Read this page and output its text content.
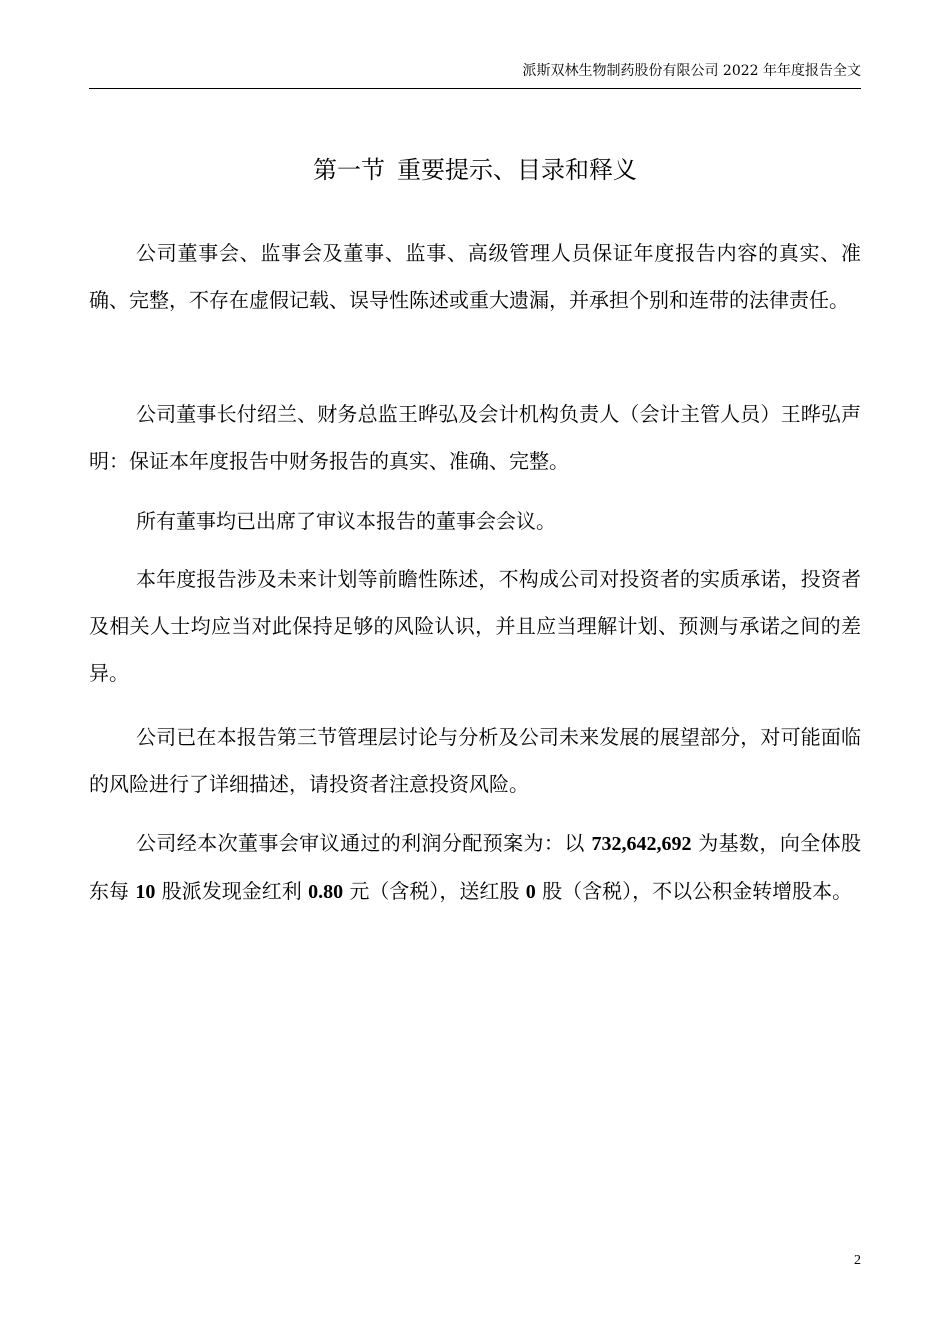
派斯双林生物制药股份有限公司 2022 年年度报告全文
第一节 重要提示、目录和释义

公司董事会、监事会及董事、监事、高级管理人员保证年度报告内容的真实、准确、完整，不存在虚假记载、误导性陈述或重大遗漏，并承担个别和连带的法律责任。

公司董事长付绍兰、财务总监王晔弘及会计机构负责人（会计主管人员）王晔弘声明：保证本年度报告中财务报告的真实、准确、完整。

所有董事均已出席了审议本报告的董事会会议。

本年度报告涉及未来计划等前瞻性陈述，不构成公司对投资者的实质承诺，投资者及相关人士均应当对此保持足够的风险认识，并且应当理解计划、预测与承诺之间的差异。

公司已在本报告第三节管理层讨论与分析及公司未来发展的展望部分，对可能面临的风险进行了详细描述，请投资者注意投资风险。

公司经本次董事会审议通过的利润分配预案为：以 732,642,692 为基数，向全体股东每 10 股派发现金红利 0.80 元（含税），送红股 0 股（含税），不以公积金转增股本。

2
